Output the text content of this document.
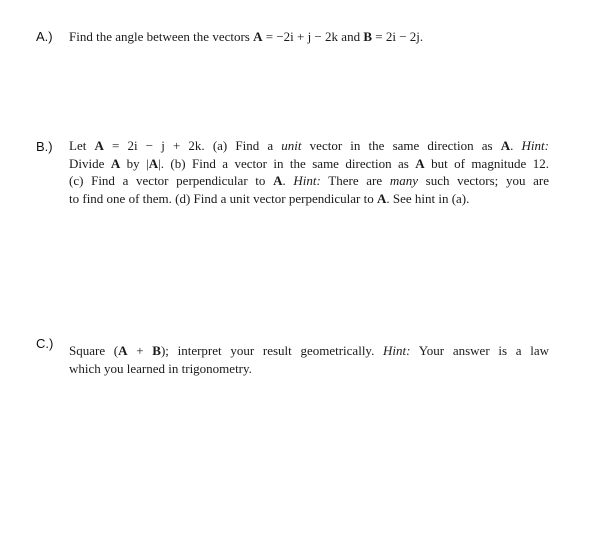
A.) Find the angle between the vectors A = −2i + j − 2k and B = 2i − 2j.
B.) Let A = 2i − j + 2k. (a) Find a unit vector in the same direction as A. Hint:
Divide A by |A|. (b) Find a vector in the same direction as A but of magnitude 12.
(c) Find a vector perpendicular to A. Hint: There are many such vectors; you are
to find one of them. (d) Find a unit vector perpendicular to A. See hint in (a).
C.) Square (A + B); interpret your result geometrically. Hint: Your answer is a law
which you learned in trigonometry.
